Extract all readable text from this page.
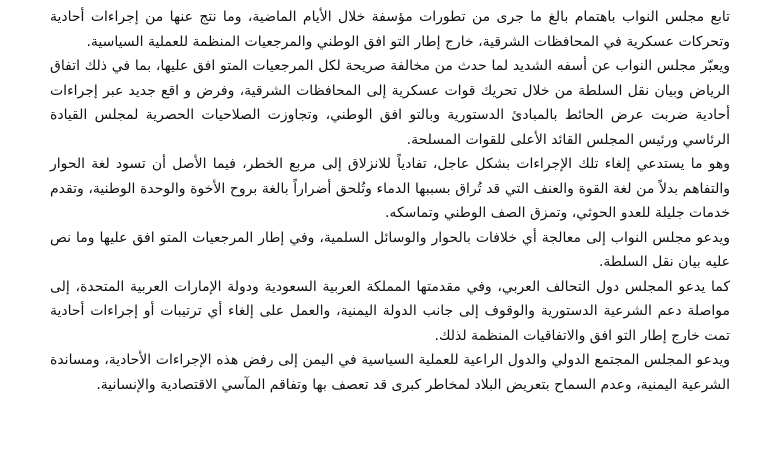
تابع مجلس النواب باهتمام بالغ ما جرى من تطورات مؤسفة خلال الأيام الماضية، وما نتج عنها من إجراءات أحادية وتحركات عسكرية في المحافظات الشرقية، خارج إطار التو افق الوطني والمرجعيات المنظمة للعملية السياسية.

ويعبّر مجلس النواب عن أسفه الشديد لما حدث من مخالفة صريحة لكل المرجعيات المتو افق عليها، بما في ذلك اتفاق الرياض وبيان نقل السلطة من خلال تحريك قوات عسكرية إلى المحافظات الشرقية، وفرض و اقع جديد عبر إجراءات أحادية ضربت عرض الحائط بالمبادئ الدستورية وبالتو افق الوطني، وتجاوزت الصلاحيات الحصرية لمجلس القيادة الرئاسي ورئيس المجلس القائد الأعلى للقوات المسلحة.

وهو ما يستدعي إلغاء تلك الإجراءات بشكل عاجل، تفادياً للانزلاق إلى مربع الخطر، فيما الأصل أن تسود لغة الحوار والتفاهم بدلاً من لغة القوة والعنف التي قد تُراق بسببها الدماء وتُلحق أضراراً بالغة بروح الأخوة والوحدة الوطنية، وتقدم خدمات جليلة للعدو الحوثي، وتمزق الصف الوطني وتماسكه.

ويدعو مجلس النواب إلى معالجة أي خلافات بالحوار والوسائل السلمية، وفي إطار المرجعيات المتو افق عليها وما نص عليه بيان نقل السلطة.

كما يدعو المجلس دول التحالف العربي، وفي مقدمتها المملكة العربية السعودية ودولة الإمارات العربية المتحدة، إلى مواصلة دعم الشرعية الدستورية والوقوف إلى جانب الدولة اليمنية، والعمل على إلغاء أي ترتيبات أو إجراءات أحادية تمت خارج إطار التو افق والاتفاقيات المنظمة لذلك.

ويدعو المجلس المجتمع الدولي والدول الراعية للعملية السياسية في اليمن إلى رفض هذه الإجراءات الأحادية، ومساندة الشرعية اليمنية، وعدم السماح بتعريض البلاد لمخاطر كبرى قد تعصف بها وتفاقم المآسي الاقتصادية والإنسانية.
